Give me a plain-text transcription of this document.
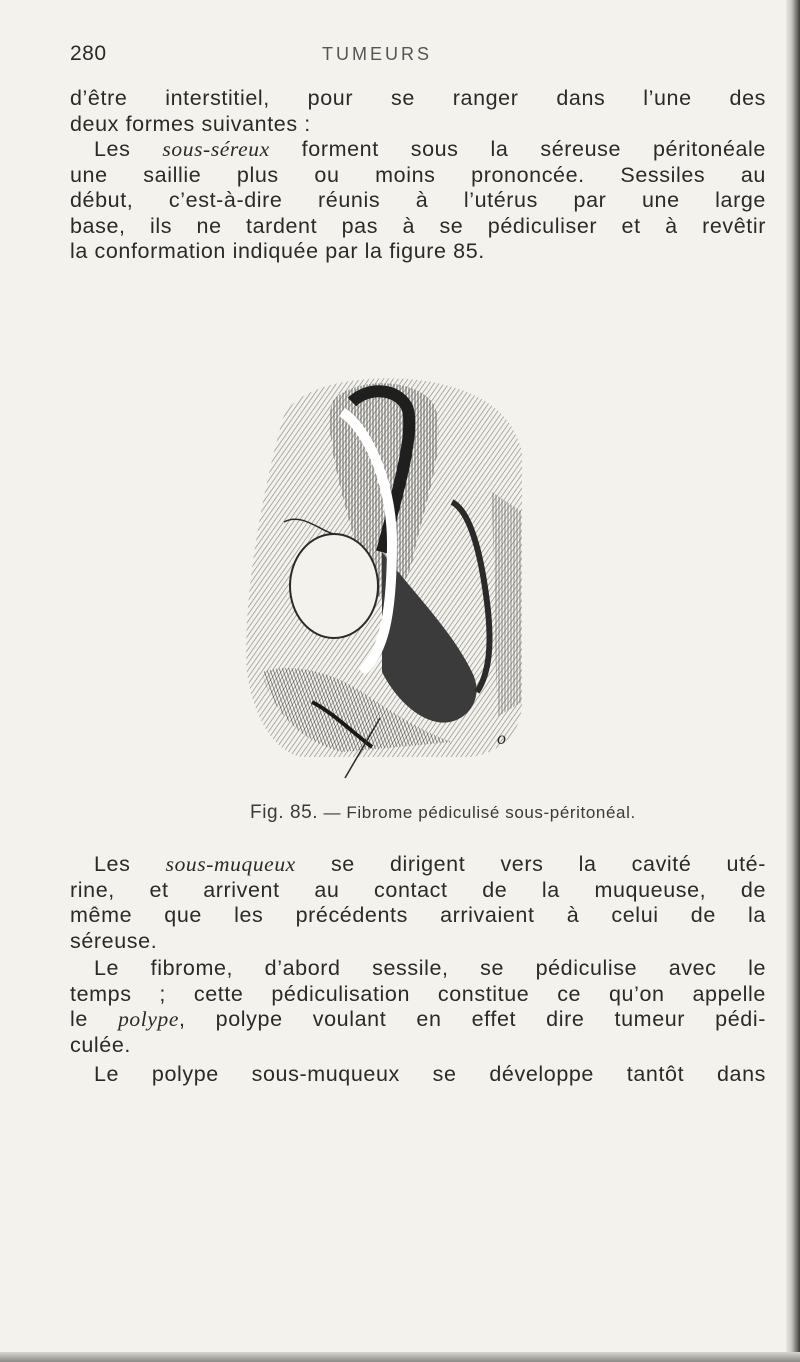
280	TUMEURS
d’être interstitiel, pour se ranger dans l’une des
deux formes suivantes :
Les sous-séreux forment sous la séreuse péritonéale
une saillie plus ou moins prononcée. Sessiles au
début, c’est-à-dire réunis à l’utérus par une large
base, ils ne tardent pas à se pédiculiser et à revêtir
la conformation indiquée par la figure 85.
o
Fig. 85. — Fibrome pédiculisé sous-péritonéal.
Les sous-muqueux se dirigent vers la cavité uté-
rine, et arrivent au contact de la muqueuse, de
même que les précédents arrivaient à celui de la
séreuse.
Le fibrome, d’abord sessile, se pédiculise avec le
temps ; cette pédiculisation constitue ce qu’on appelle
le polype, polype voulant en effet dire tumeur pédi-
culée.
Le polype sous-muqueux se développe tantôt dans
